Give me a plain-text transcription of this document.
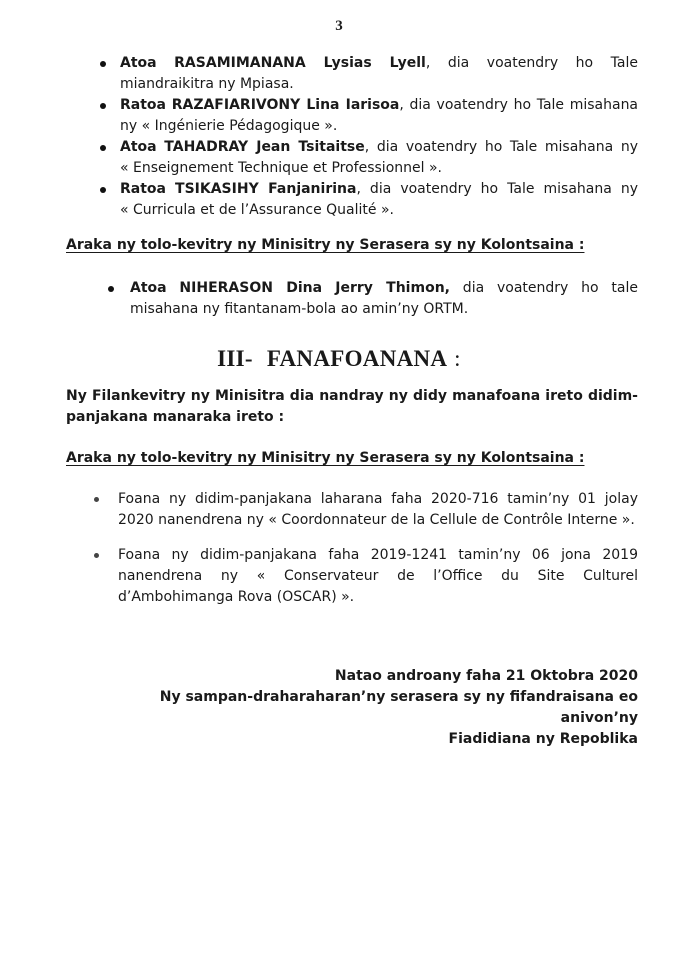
3
Atoa RASAMIMANANA Lysias Lyell, dia voatendry ho Tale
miandraikitra ny Mpiasa.
Ratoa RAZAFIARIVONY Lina Iarisoa, dia voatendry ho Tale misahana
ny « Ingénierie Pédagogique ».
Atoa TAHADRAY Jean Tsitaitse, dia voatendry ho Tale misahana ny
« Enseignement Technique et Professionnel ».
Ratoa TSIKASIHY Fanjanirina, dia voatendry ho Tale misahana ny
« Curricula et de l’Assurance Qualité ».
Araka ny tolo-kevitry ny Minisitry ny Serasera sy ny Kolontsaina :
Atoa NIHERASON Dina Jerry Thimon, dia voatendry ho tale
misahana ny fitantanam-bola ao amin’ny ORTM.
III- FANAFOANANA :
Ny Filankevitry ny Minisitra dia nandray ny didy manafoana ireto didim-
panjakana manaraka ireto :
Araka ny tolo-kevitry ny Minisitry ny Serasera sy ny Kolontsaina :
Foana ny didim-panjakana laharana faha 2020-716 tamin’ny 01 jolay
2020 nanendrena ny « Coordonnateur de la Cellule de Contrôle Interne ».
Foana ny didim-panjakana faha 2019-1241 tamin’ny 06 jona 2019
nanendrena ny « Conservateur de l’Office du Site Culturel
d’Ambohimanga Rova (OSCAR) ».
Natao androany faha 21 Oktobra 2020
Ny sampan-draharaharan’ny serasera sy ny fifandraisana eo anivon’ny
Fiadidiana ny Repoblika
